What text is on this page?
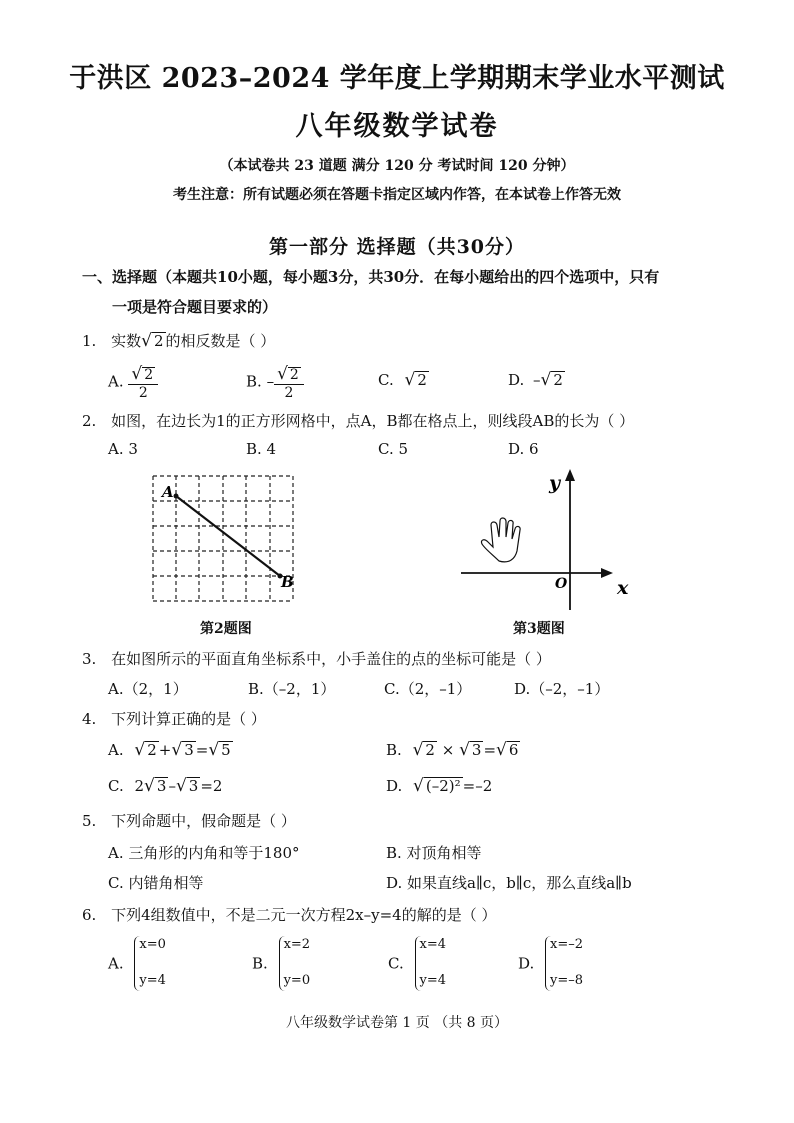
于洪区 2023–2024 学年度上学期期末学业水平测试
八年级数学试卷
（本试卷共 23 道题 满分 120 分 考试时间 120 分钟）
考生注意：所有试题必须在答题卡指定区域内作答，在本试卷上作答无效
第一部分 选择题（共30分）
一、选择题（本题共10小题，每小题3分，共30分．在每小题给出的四个选项中，只有
一项是符合题目要求的）
1. 实数√ 2 的相反数是（ ）
A. $\frac{√ 2}{2}$	B. – $\frac{√ 2}{2}$	C. √ 2	D. –√ 2
2. 如图，在边长为1的正方形网格中，点A，B都在格点上，则线段AB的长为（ ）
A. 3	B. 4	C. 5	D. 6
A
B
第2题图
y
x
O
第3题图
3. 在如图所示的平面直角坐标系中，小手盖住的点的坐标可能是（ ）
A.（2，1）	B.（–2，1）	C.（2，–1）	D.（–2，–1）
4. 下列计算正确的是（ ）
A. √ 2 +√ 3 =√ 5	B. √ 2 × √ 3 =√ 6
C. 2√ 3 –√ 3 =2	D. √ (–2)² =–2
5. 下列命题中，假命题是（ ）
A. 三角形的内角和等于180°	B. 对顶角相等
C. 内错角相等	D. 如果直线a∥c，b∥c，那么直线a∥b
6. 下列4组数值中，不是二元一次方程2x–y=4的解的是（ ）
A. x=0

y=4
B. x=2

y=0
C. x=4

y=4
D. x=–2

y=–8
八年级数学试卷第 1 页 （共 8 页）
